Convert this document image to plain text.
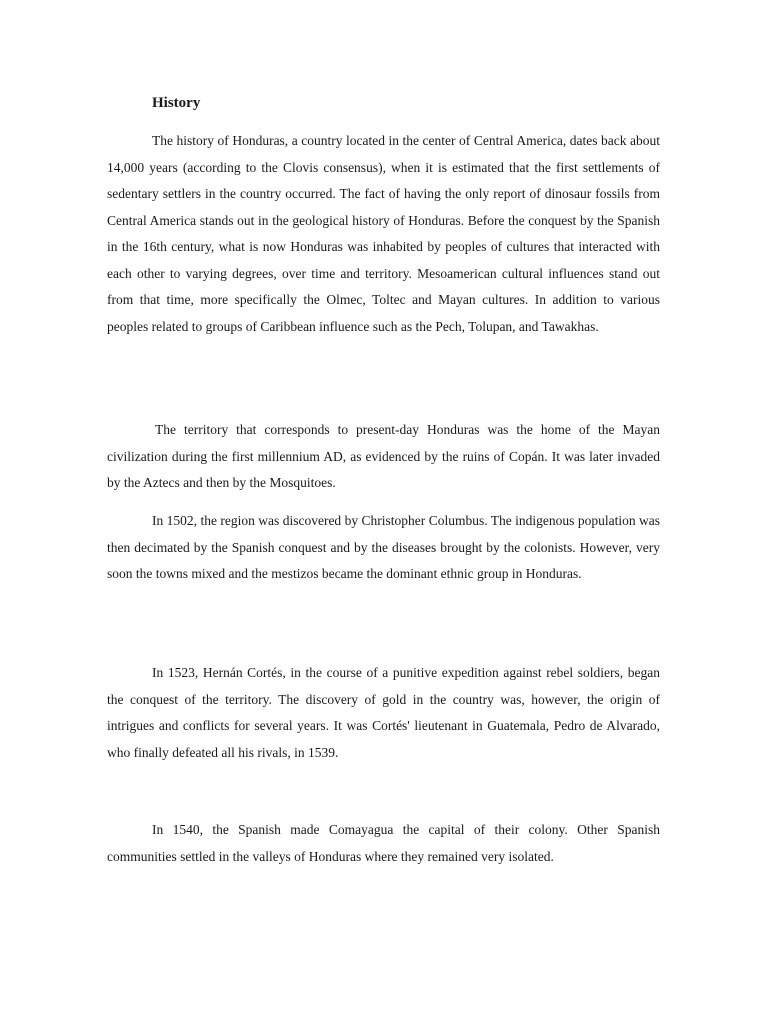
History

The history of Honduras, a country located in the center of Central America, dates back about 14,000 years (according to the Clovis consensus), when it is estimated that the first settlements of sedentary settlers in the country occurred. The fact of having the only report of dinosaur fossils from Central America stands out in the geological history of Honduras. Before the conquest by the Spanish in the 16th century, what is now Honduras was inhabited by peoples of cultures that interacted with each other to varying degrees, over time and territory. Mesoamerican cultural influences stand out from that time, more specifically the Olmec, Toltec and Mayan cultures. In addition to various peoples related to groups of Caribbean influence such as the Pech, Tolupan, and Tawakhas.

The territory that corresponds to present-day Honduras was the home of the Mayan civilization during the first millennium AD, as evidenced by the ruins of Copán. It was later invaded by the Aztecs and then by the Mosquitoes.

In 1502, the region was discovered by Christopher Columbus. The indigenous population was then decimated by the Spanish conquest and by the diseases brought by the colonists. However, very soon the towns mixed and the mestizos became the dominant ethnic group in Honduras.

In 1523, Hernán Cortés, in the course of a punitive expedition against rebel soldiers, began the conquest of the territory. The discovery of gold in the country was, however, the origin of intrigues and conflicts for several years. It was Cortés' lieutenant in Guatemala, Pedro de Alvarado, who finally defeated all his rivals, in 1539.

In 1540, the Spanish made Comayagua the capital of their colony. Other Spanish communities settled in the valleys of Honduras where they remained very isolated.
